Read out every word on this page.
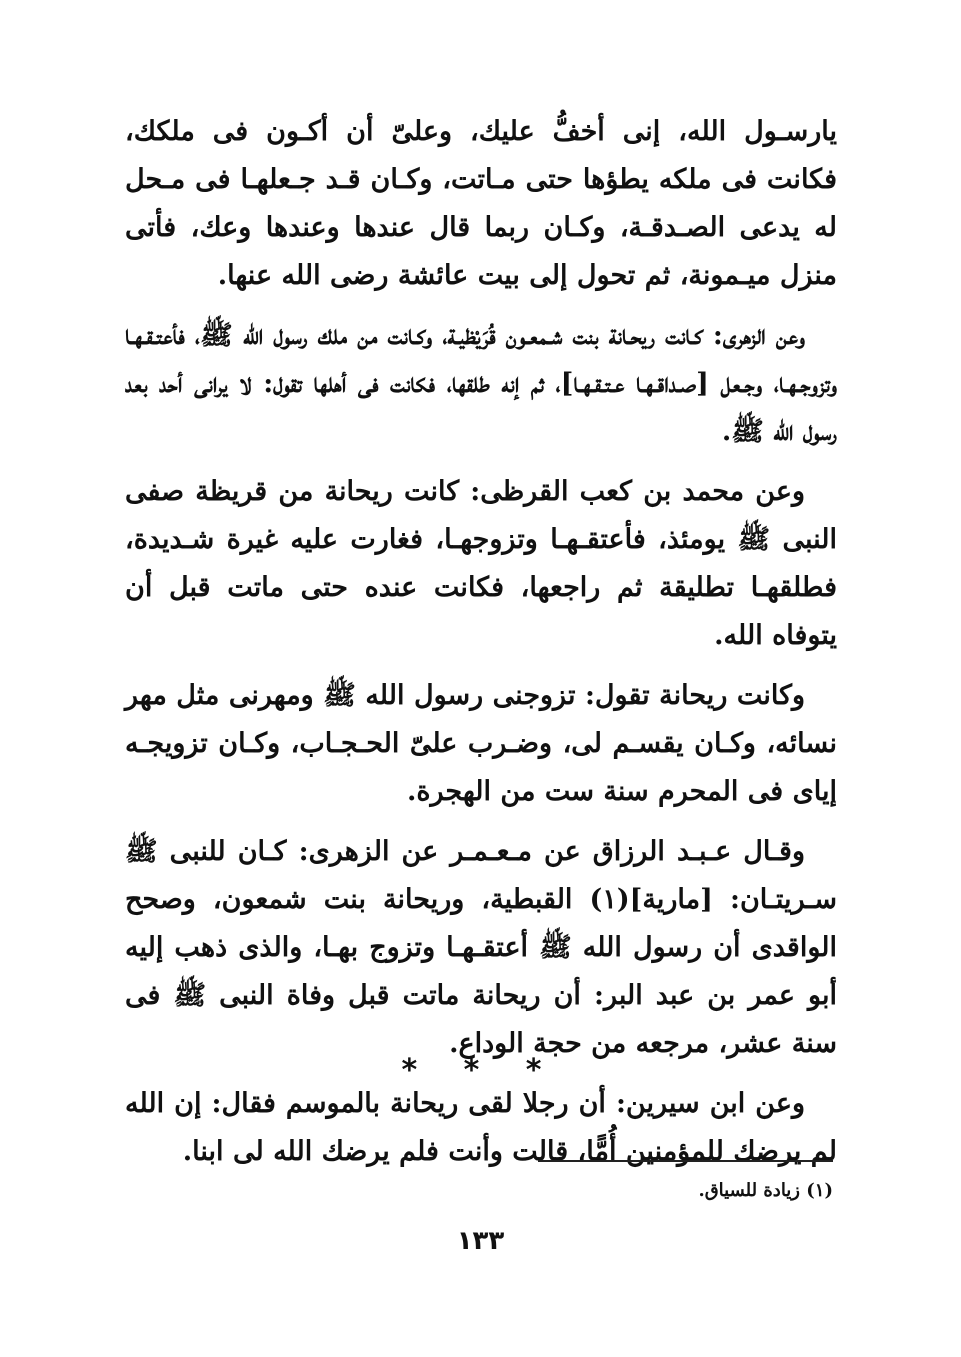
يارسـول الله، إنى أخفُّ عليك، وعلىّ أن أكـون فى ملكك، فكانت فى ملكه يطؤها حتى مـاتت، وكـان قـد جـعلهـا فى مـحل له يدعى الصـدقـة، وكـان ربما قال عندها وعندها وعك، فأتى منزل ميـمونة، ثم تحول إلى بيت عائشة رضى الله عنها.

وعن الزهرى: كـانت ريحـانة بنت شـمعـون قُرَيْظيـة، وكـانت من ملك رسول الله ﷺ، فأعتـقـهـا وتزوجـهـا، وجـعل [صـداقـهـا عـتـقـهـا]، ثم إنه طلقها، فكانت فى أهلها تقول: لا يرانى أحد بعد رسول الله ﷺ.

وعن محمد بن كعب القرظى: كانت ريحانة من قريظة صفى النبى ﷺ يومئذ، فأعتقـهـا وتزوجهـا، فغارت عليه غيرة شـديدة، فطلقهـا تطليقة ثم راجعها، فكانت عنده حتى ماتت قبل أن يتوفاه الله.

وكانت ريحانة تقول: تزوجنى رسول الله ﷺ ومهرنى مثل مهر نسائه، وكـان يقسـم لى، وضـرب علىّ الحـجـاب، وكـان تزويجـه إياى فى المحرم سنة ست من الهجرة.

وقـال عـبـد الرزاق عن مـعـمـر عن الزهرى: كـان للنبى ﷺ سـريتـان: [مارية](١) القبطية، وريحانة بنت شمعون، وصحح الواقدى أن رسول الله ﷺ أعتقـهـا وتزوج بهـا، والذى ذهب إليه أبو عمر بن عبد البر: أن ريحانة ماتت قبل وفاة النبى ﷺ فى سنة عشر، مرجعه من حجة الوداع.

وعن ابن سيرين: أن رجلا لقى ريحانة بالموسم فقال: إن الله لم يرضك للمؤمنين أُمًّا، قالت وأنت فلم يرضك الله لى ابنا.

* * *
(١) زيادة للسياق.
١٣٣
